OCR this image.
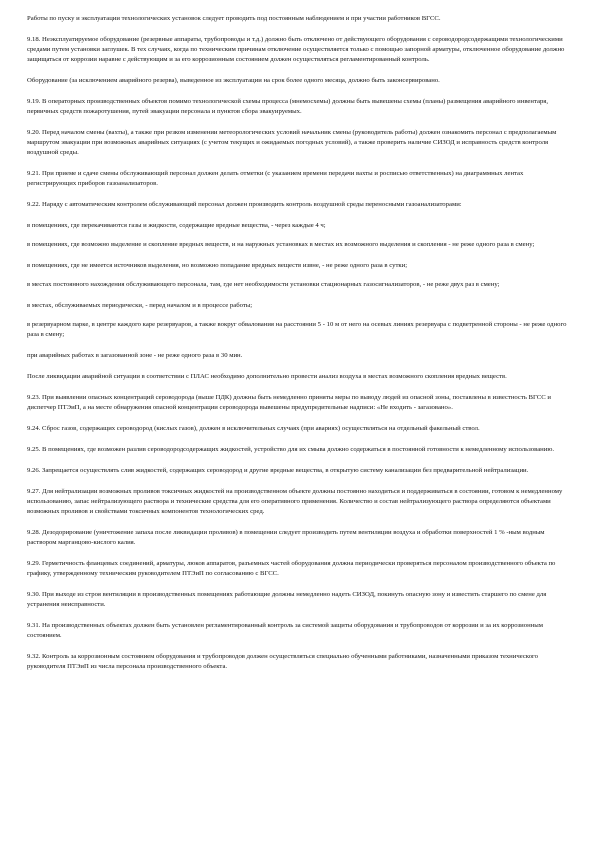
Работы по пуску и эксплуатации технологических установок следует проводить под постоянным наблюдением и при участии работников ВГСС.

9.18. Неэксплуатируемое оборудование (резервные аппараты, трубопроводы и т.д.) должно быть отключено от действующего оборудования с сероводородсодержащими технологическими средами путем установки заглушек. В тех случаях, когда по техническим причинам отключение осуществляется только с помощью запорной арматуры, отключенное оборудование должно защищаться от коррозии наравне с действующим и за его коррозионным состоянием должен осуществляться регламентированный контроль.

Оборудование (за исключением аварийного резерва), выведенное из эксплуатации на срок более одного месяца, должно быть законсервировано.

9.19. В операторных производственных объектов помимо технологической схемы процесса (мнемосхемы) должны быть вывешены схемы (планы) размещения аварийного инвентаря, первичных средств пожаротушения, путей эвакуации персонала и пунктов сбора эвакуируемых.

9.20. Перед началом смены (вахты), а также при резком изменении метеорологических условий начальник смены (руководитель работы) должен ознакомить персонал с предполагаемым маршрутом эвакуации при возможных аварийных ситуациях (с учетом текущих и ожидаемых погодных условий), а также проверить наличие СИЗОД и исправность средств контроля воздушной среды.

9.21. При приеме и сдаче смены обслуживающий персонал должен делать отметки (с указанием времени передачи вахты и росписью ответственных) на диаграммных лентах регистрирующих приборов газоанализаторов.

9.22. Наряду с автоматическим контролем обслуживающий персонал должен производить контроль воздушной среды переносными газоанализаторами:

в помещениях, где перекачиваются газы и жидкости, содержащие вредные вещества, - через каждые 4 ч;

в помещениях, где возможно выделение и скопление вредных веществ, и на наружных установках в местах их возможного выделения и скопления - не реже одного раза в смену;

в помещениях, где не имеется источников выделения, но возможно попадание вредных веществ извне, - не реже одного раза в сутки;

в местах постоянного нахождения обслуживающего персонала, там, где нет необходимости установки стационарных газосигнализаторов, - не реже двух раз в смену;

в местах, обслуживаемых периодически, - перед началом и в процессе работы;

в резервуарном парке, в центре каждого каре резервуаров, а также вокруг обвалования на расстоянии 5 - 10 м от него на осевых линиях резервуара с подветренной стороны - не реже одного раза в смену;

при аварийных работах в загазованной зоне - не реже одного раза в 30 мин.

После ликвидации аварийной ситуации в соответствии с ПЛАС необходимо дополнительно провести анализ воздуха в местах возможного скопления вредных веществ.

9.23. При выявлении опасных концентраций сероводорода (выше ПДК) должны быть немедленно приняты меры по выводу людей из опасной зоны, поставлены в известность ВГСС и диспетчер ПТЭиП, а на месте обнаружения опасной концентрации сероводорода вывешены предупредительные надписи: «Не входить - загазовано».

9.24. Сброс газов, содержащих сероводород (кислых газов), должен в исключительных случаях (при авариях) осуществляться на отдельный факельный ствол.

9.25. В помещениях, где возможен разлив сероводородсодержащих жидкостей, устройство для их смыва должно содержаться в постоянной готовности к немедленному использованию.

9.26. Запрещается осуществлять слив жидкостей, содержащих сероводород и другие вредные вещества, в открытую систему канализации без предварительной нейтрализации.

9.27. Для нейтрализации возможных проливов токсичных жидкостей на производственном объекте должны постоянно находиться и поддерживаться в состоянии, готовом к немедленному использованию, запас нейтрализующего раствора и технические средства для его оперативного применения. Количество и состав нейтрализующего раствора определяются объектами возможных проливов и свойствами токсичных компонентов технологических сред.

9.28. Дезодорирование (уничтожение запаха после ликвидации проливов) в помещении следует производить путем вентиляции воздуха и обработки поверхностей 1 % -ным водным раствором марганцово-кислого калия.

9.29. Герметичность фланцевых соединений, арматуры, люков аппаратов, разъемных частей оборудования должна периодически проверяться персоналом производственного объекта по графику, утвержденному техническим руководителем ПТЭиП по согласованию с ВГСС.

9.30. При выходе из строя вентиляции в производственных помещениях работающие должны немедленно надеть СИЗОД, покинуть опасную зону и известить старшего по смене для устранения неисправности.

9.31. На производственных объектах должен быть установлен регламентированный контроль за системой защиты оборудования и трубопроводов от коррозии и за их коррозионным состоянием.

9.32. Контроль за коррозионным состоянием оборудования и трубопроводов должен осуществляться специально обученными работниками, назначенными приказом технического руководителя ПТЭиП из числа персонала производственного объекта.
